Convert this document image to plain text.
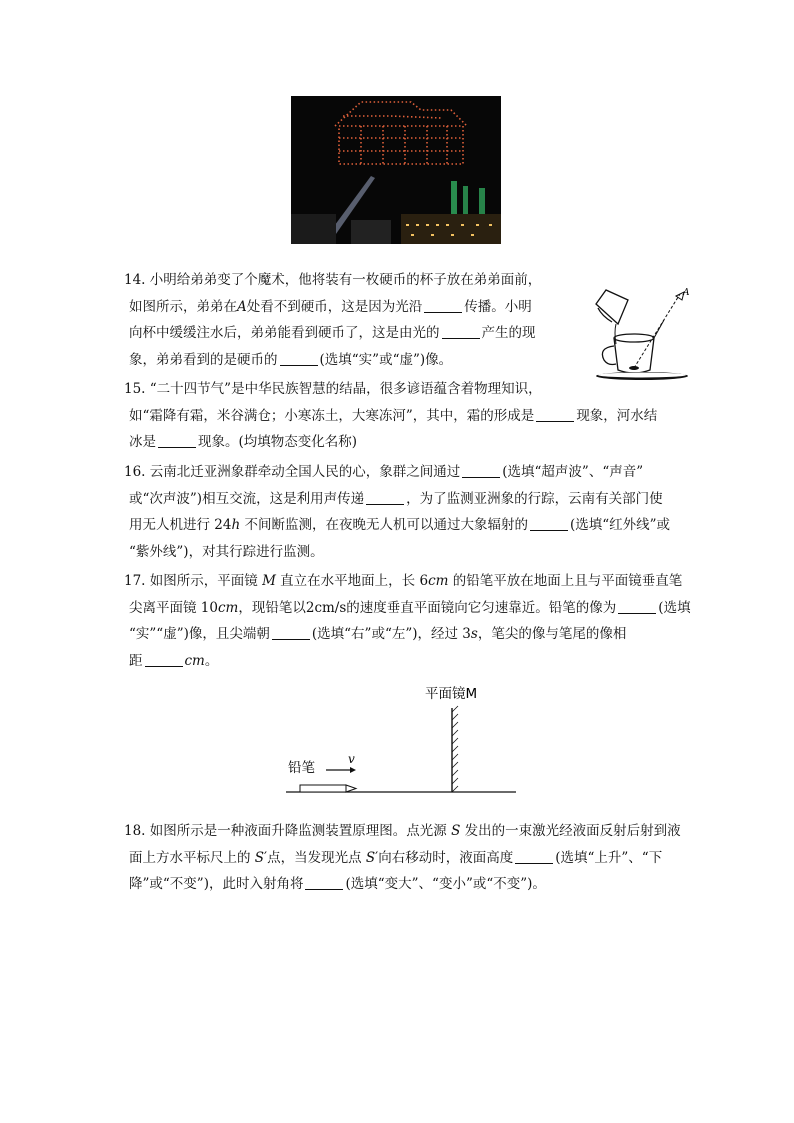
14. 小明给弟弟变了个魔术，他将装有一枚硬币的杯子放在弟弟面前，
如图所示，弟弟在A处看不到硬币，这是因为光沿	传播。小明
向杯中缓缓注水后，弟弟能看到硬币了，这是由光的	产生的现
象，弟弟看到的是硬币的	(选填“实”或“虚”)像。
A
15. “二十四节气”是中华民族智慧的结晶，很多谚语蕴含着物理知识，
如“霜降有霜，米谷满仓；小寒冻土，大寒冻河”，其中，霜的形成是	现象，河水结
冰是	现象。(均填物态变化名称)
16. 云南北迁亚洲象群牵动全国人民的心，象群之间通过	(选填“超声波”、“声音”
或“次声波”)相互交流，这是利用声传递	，为了监测亚洲象的行踪，云南有关部门使
用无人机进行 24h 不间断监测，在夜晚无人机可以通过大象辐射的	(选填“红外线”或
“紫外线”)，对其行踪进行监测。
17. 如图所示，平面镜 M 直立在水平地面上，长 6cm 的铅笔平放在地面上且与平面镜垂直笔
尖离平面镜 10cm，现铅笔以2cm/s的速度垂直平面镜向它匀速靠近。铅笔的像为	(选填
“实”“虚”)像，且尖端朝	(选填“右”或“左”)，经过 3s，笔尖的像与笔尾的像相
距	cm。
平面镜M
铅笔
v
18. 如图所示是一种液面升降监测装置原理图。点光源 S 发出的一束激光经液面反射后射到液
面上方水平标尺上的 S′点，当发现光点 S′向右移动时，液面高度	(选填“上升”、“下
降”或“不变”)，此时入射角将	(选填“变大”、“变小”或“不变”)。
